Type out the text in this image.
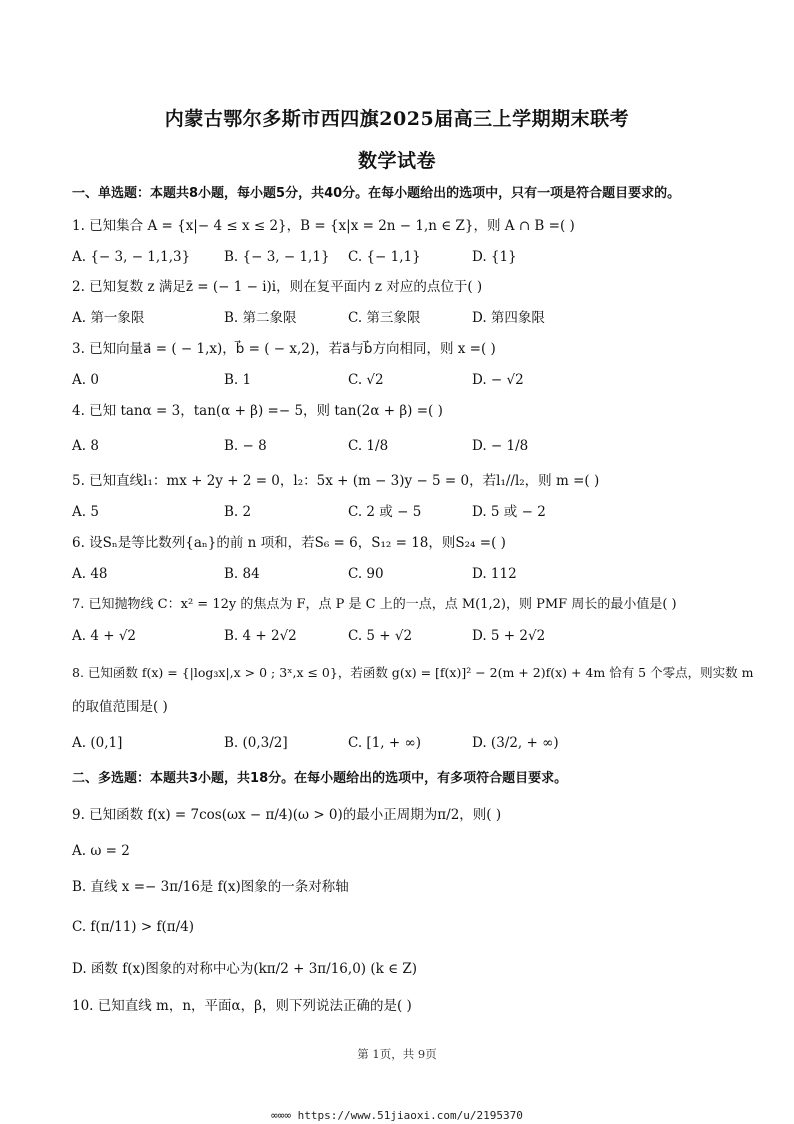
内蒙古鄂尔多斯市西四旗2025届高三上学期期末联考
数学试卷
一、单选题：本题共8小题，每小题5分，共40分。在每小题给出的选项中，只有一项是符合题目要求的。
1. 已知集合 A = {x|− 4 ≤ x ≤ 2}，B = {x|x = 2n − 1,n ∈ Z}，则 A ∩ B =( )
A. {− 3, − 1,1,3}	B. {− 3, − 1,1} C. {− 1,1}	D. {1}
2. 已知复数 z 满足z̄ = (− 1 − i)i，则在复平面内 z 对应的点位于( )
A. 第一象限	B. 第二象限	C. 第三象限	D. 第四象限
3. 已知向量a⃗ = ( − 1,x)，b⃗ = ( − x,2)，若a⃗与b⃗方向相同，则 x =( )
A. 0	B. 1	C. √2	D. − √2
4. 已知 tanα = 3，tan(α + β) =− 5，则 tan(2α + β) =( )
A. 8	B. − 8	C. 1/8	D. − 1/8
5. 已知直线l₁：mx + 2y + 2 = 0，l₂：5x + (m − 3)y − 5 = 0，若l₁//l₂，则 m =( )
A. 5	B. 2	C. 2 或 − 5	D. 5 或 − 2
6. 设Sₙ是等比数列{aₙ}的前 n 项和，若S₆ = 6，S₁₂ = 18，则S₂₄ =( )
A. 48	B. 84	C. 90	D. 112
7. 已知抛物线 C：x² = 12y 的焦点为 F，点 P 是 C 上的一点，点 M(1,2)，则 PMF 周长的最小值是( )
A. 4 + √2	B. 4 + 2√2	C. 5 + √2	D. 5 + 2√2
8. 已知函数 f(x) = {|log₃x|,x > 0 ; 3ˣ,x ≤ 0}，若函数 g(x) = [f(x)]² − 2(m + 2)f(x) + 4m 恰有 5 个零点，则实数 m
的取值范围是( )
A. (0,1]	B. (0,3/2]	C. [1, + ∞)	D. (3/2, + ∞)
二、多选题：本题共3小题，共18分。在每小题给出的选项中，有多项符合题目要求。
9. 已知函数 f(x) = 7cos(ωx − π/4)(ω > 0)的最小正周期为π/2，则( )
A. ω = 2
B. 直线 x =− 3π/16是 f(x)图象的一条对称轴
C. f(π/11) > f(π/4)
D. 函数 f(x)图象的对称中心为(kπ/2 + 3π/16,0) (k ∈ Z)
10. 已知直线 m，n，平面α，β，则下列说法正确的是( )
第 1页，共 9页
∞∞∞ https://www.51jiaoxi.com/u/2195370
